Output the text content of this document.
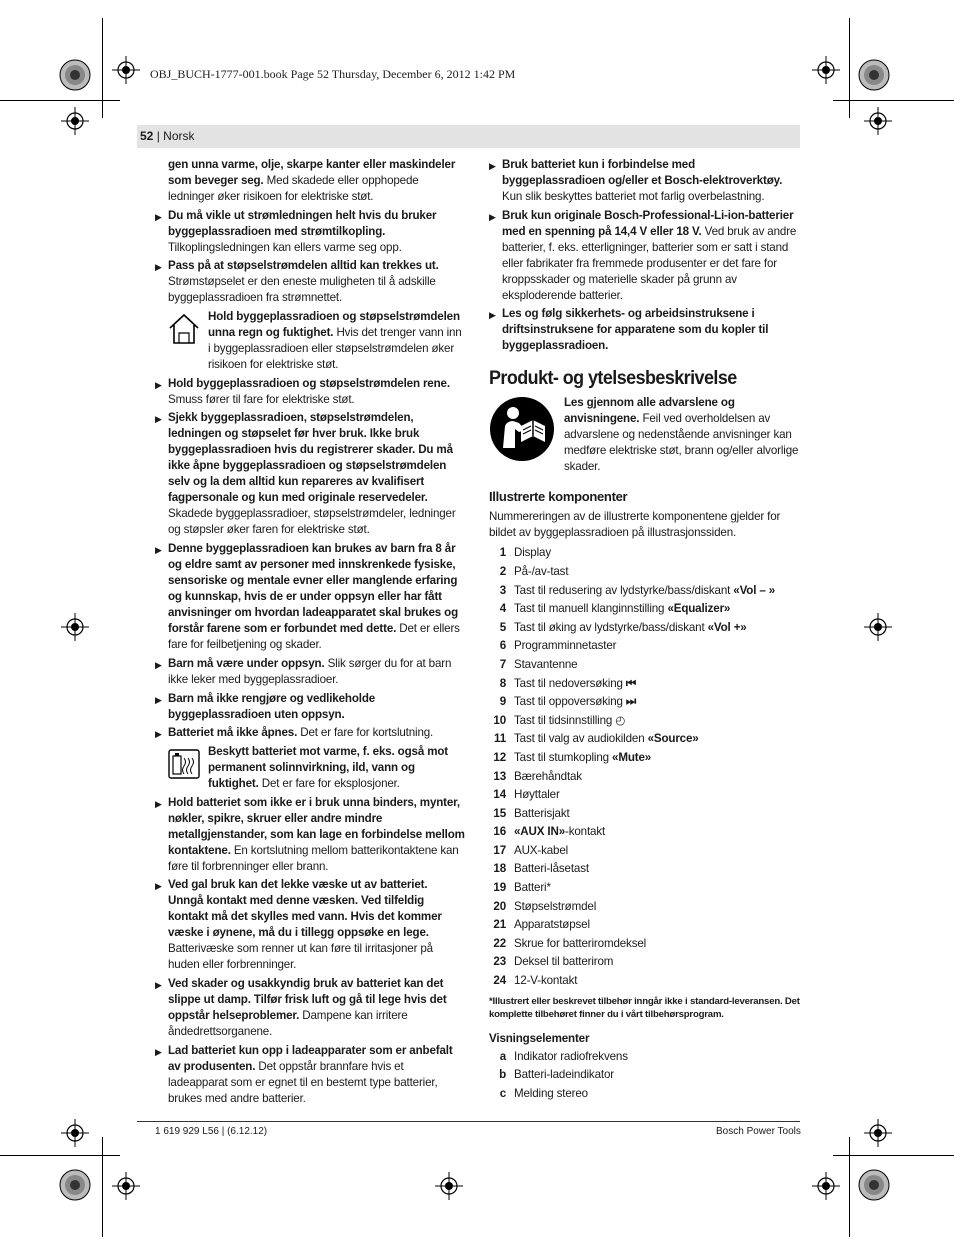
OBJ_BUCH-1777-001.book Page 52 Thursday, December 6, 2012 1:42 PM
52 | Norsk
gen unna varme, olje, skarpe kanter eller maskindeler som beveger seg. Med skadede eller opphopede ledninger øker risikoen for elektriske støt.
▶ Du må vikle ut strømledningen helt hvis du bruker byggeplassradioen med strømtilkopling. Tilkoplingsledningen kan ellers varme seg opp.
▶ Pass på at støpselstrømdelen alltid kan trekkes ut. Strømstøpselet er den eneste muligheten til å adskille byggeplassradioen fra strømnettet.
Hold byggeplassradioen og støpselstrømdelen unna regn og fuktighet. Hvis det trenger vann inn i byggeplassradioen eller støpselstrømdelen øker risikoen for elektriske støt.
▶ Hold byggeplassradioen og støpselstrømdelen rene. Smuss fører til fare for elektriske støt.
▶ Sjekk byggeplassradioen, støpselstrømdelen, ledningen og støpselet før hver bruk. Ikke bruk byggeplassradioen hvis du registrerer skader. Du må ikke åpne byggeplassradioen og støpselstrømdelen selv og la dem alltid kun repareres av kvalifisert fagpersonale og kun med originale reservedeler. Skadede byggeplassradioer, støpselstrømdeler, ledninger og støpsler øker faren for elektriske støt.
▶ Denne byggeplassradioen kan brukes av barn fra 8 år og eldre samt av personer med innskrenkede fysiske, sensoriske og mentale evner eller manglende erfaring og kunnskap, hvis de er under oppsyn eller har fått anvisninger om hvordan ladeapparatet skal brukes og forstår farene som er forbundet med dette. Det er ellers fare for feilbetjening og skader.
▶ Barn må være under oppsyn. Slik sørger du for at barn ikke leker med byggeplassradioer.
▶ Barn må ikke rengjøre og vedlikeholde byggeplassradioen uten oppsyn.
▶ Batteriet må ikke åpnes. Det er fare for kortslutning.
Beskytt batteriet mot varme, f. eks. også mot permanent solinnvirkning, ild, vann og fuktighet. Det er fare for eksplosjoner.
▶ Hold batteriet som ikke er i bruk unna binders, mynter, nøkler, spikre, skruer eller andre mindre metallgjenstander, som kan lage en forbindelse mellom kontaktene. En kortslutning mellom batterikontaktene kan føre til forbrenninger eller brann.
▶ Ved gal bruk kan det lekke væske ut av batteriet. Unngå kontakt med denne væsken. Ved tilfeldig kontakt må det skylles med vann. Hvis det kommer væske i øynene, må du i tillegg oppsøke en lege. Batterivæske som renner ut kan føre til irritasjoner på huden eller forbrenninger.
▶ Ved skader og usakkyndig bruk av batteriet kan det slippe ut damp. Tilfør frisk luft og gå til lege hvis det oppstår helseproblemer. Dampene kan irritere åndedrettsorganene.
▶ Lad batteriet kun opp i ladeapparater som er anbefalt av produsenten. Det oppstår brannfare hvis et ladeapparat som er egnet til en bestemt type batterier, brukes med andre batterier.
▶ Bruk batteriet kun i forbindelse med byggeplassradioen og/eller et Bosch-elektroverktøy. Kun slik beskyttes batteriet mot farlig overbelastning.
▶ Bruk kun originale Bosch-Professional-Li-ion-batterier med en spenning på 14,4 V eller 18 V. Ved bruk av andre batterier, f. eks. etterligninger, batterier som er satt i stand eller fabrikater fra fremmede produsenter er det fare for kroppsskader og materielle skader på grunn av eksploderende batterier.
▶ Les og følg sikkerhets- og arbeidsinstruksene i driftsinstruksene for apparatene som du kopler til byggeplassradioen.
Produkt- og ytelsesbeskrivelse
Les gjennom alle advarslene og anvisningene. Feil ved overholdelsen av advarslene og nedenstående anvisninger kan medføre elektriske støt, brann og/eller alvorlige skader.
Illustrerte komponenter
Nummereringen av de illustrerte komponentene gjelder for bildet av byggeplassradioen på illustrasjonssiden.
1 Display
2 På-/av-tast
3 Tast til redusering av lydstyrke/bass/diskant «Vol – »
4 Tast til manuell klanginnstilling «Equalizer»
5 Tast til øking av lydstyrke/bass/diskant «Vol +»
6 Programminnetaster
7 Stavantenne
8 Tast til nedoversøking ⏮
9 Tast til oppoversøking ⏭
10 Tast til tidsinnstilling ◴
11 Tast til valg av audiokilden «Source»
12 Tast til stumkopling «Mute»
13 Bærehåndtak
14 Høyttaler
15 Batterisjakt
16 «AUX IN»-kontakt
17 AUX-kabel
18 Batteri-låsetast
19 Batteri*
20 Støpselstrømdel
21 Apparatstøpsel
22 Skrue for batteriromdeksel
23 Deksel til batterirom
24 12-V-kontakt
*Illustrert eller beskrevet tilbehør inngår ikke i standard-leveransen. Det komplette tilbehøret finner du i vårt tilbehørsprogram.
Visningselementer
a Indikator radiofrekvens
b Batteri-ladeindikator
c Melding stereo
1 619 929 L56 | (6.12.12)	Bosch Power Tools
